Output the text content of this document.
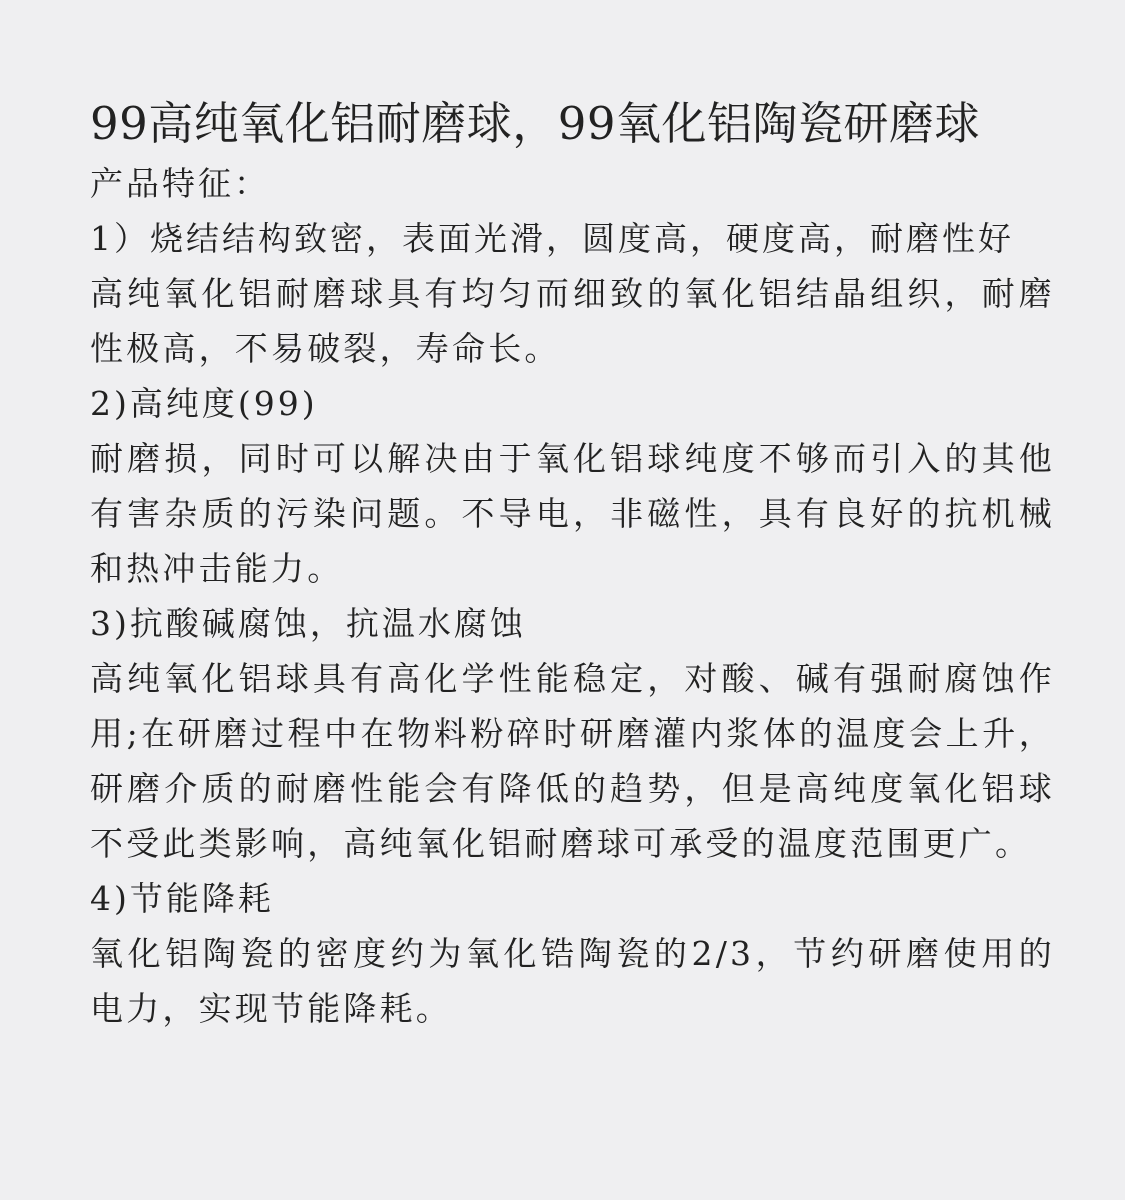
99高纯氧化铝耐磨球，99氧化铝陶瓷研磨球
产品特征：
1）烧结结构致密，表面光滑，圆度高，硬度高，耐磨性好
高纯氧化铝耐磨球具有均匀而细致的氧化铝结晶组织，耐磨性极高，不易破裂，寿命长。
2)高纯度(99)
耐磨损，同时可以解决由于氧化铝球纯度不够而引入的其他有害杂质的污染问题。不导电，非磁性，具有良好的抗机械和热冲击能力。
3)抗酸碱腐蚀，抗温水腐蚀
高纯氧化铝球具有高化学性能稳定，对酸、碱有强耐腐蚀作用;在研磨过程中在物料粉碎时研磨灌内浆体的温度会上升，研磨介质的耐磨性能会有降低的趋势，但是高纯度氧化铝球不受此类影响，高纯氧化铝耐磨球可承受的温度范围更广。
4)节能降耗
氧化铝陶瓷的密度约为氧化锆陶瓷的2/3，节约研磨使用的电力，实现节能降耗。
